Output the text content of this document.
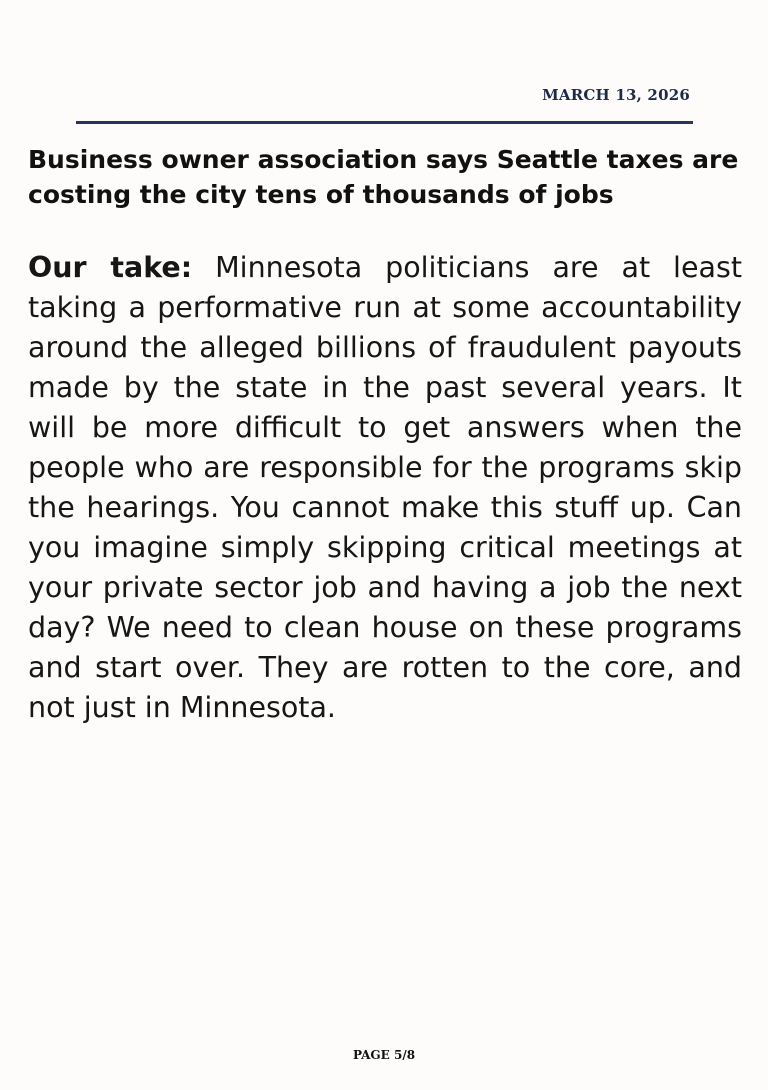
MARCH 13, 2026
Business owner association says Seattle taxes are costing the city tens of thousands of jobs

Our take: Minnesota politicians are at least taking a performative run at some accountability around the alleged billions of fraudulent payouts made by the state in the past several years. It will be more difficult to get answers when the people who are responsible for the programs skip the hearings. You cannot make this stuff up. Can you imagine simply skipping critical meetings at your private sector job and having a job the next day? We need to clean house on these programs and start over. They are rotten to the core, and not just in Minnesota.

PAGE 5/8
